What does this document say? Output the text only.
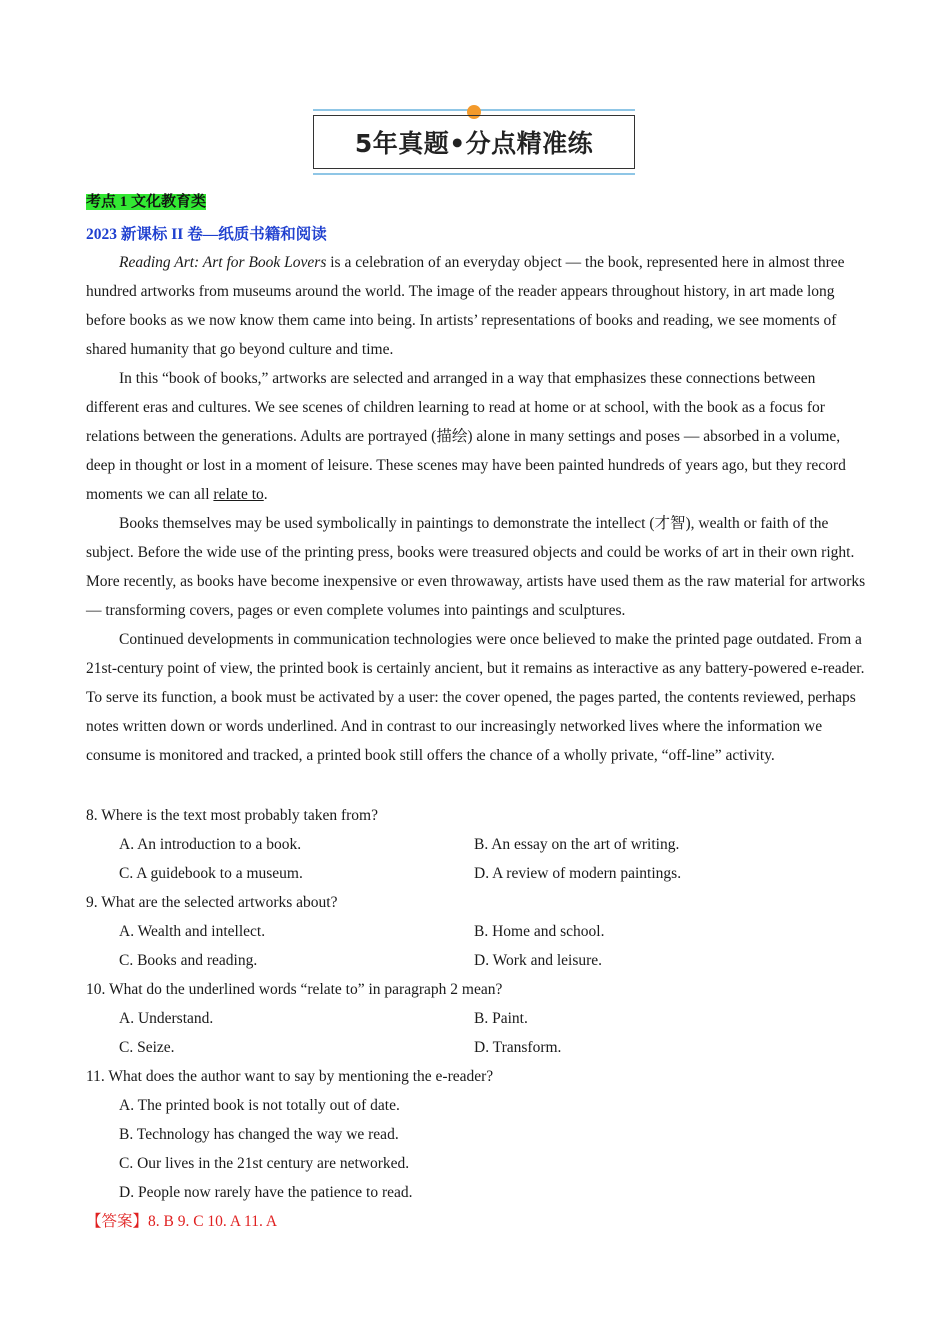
5年真题•分点精准练
考点 1 文化教育类
2023 新课标 II 卷—纸质书籍和阅读

Reading Art: Art for Book Lovers is a celebration of an everyday object — the book, represented here in almost three hundred artworks from museums around the world. The image of the reader appears throughout history, in art made long before books as we now know them came into being. In artists’ representations of books and reading, we see moments of shared humanity that go beyond culture and time.

In this “book of books,” artworks are selected and arranged in a way that emphasizes these connections between different eras and cultures. We see scenes of children learning to read at home or at school, with the book as a focus for relations between the generations. Adults are portrayed (描绘) alone in many settings and poses — absorbed in a volume, deep in thought or lost in a moment of leisure. These scenes may have been painted hundreds of years ago, but they record moments we can all relate to.

Books themselves may be used symbolically in paintings to demonstrate the intellect (才智), wealth or faith of the subject. Before the wide use of the printing press, books were treasured objects and could be works of art in their own right. More recently, as books have become inexpensive or even throwaway, artists have used them as the raw material for artworks — transforming covers, pages or even complete volumes into paintings and sculptures.

Continued developments in communication technologies were once believed to make the printed page outdated. From a 21st-century point of view, the printed book is certainly ancient, but it remains as interactive as any battery-powered e-reader. To serve its function, a book must be activated by a user: the cover opened, the pages parted, the contents reviewed, perhaps notes written down or words underlined. And in contrast to our increasingly networked lives where the information we consume is monitored and tracked, a printed book still offers the chance of a wholly private, “off-line” activity.

8. Where is the text most probably taken from?

A. An introduction to a book.	B. An essay on the art of writing.

C. A guidebook to a museum.	D. A review of modern paintings.

9. What are the selected artworks about?

A. Wealth and intellect.	B. Home and school.

C. Books and reading.	D. Work and leisure.

10. What do the underlined words “relate to” in paragraph 2 mean?

A. Understand.	B. Paint.

C. Seize.	D. Transform.

11. What does the author want to say by mentioning the e-reader?

A. The printed book is not totally out of date.

B. Technology has changed the way we read.

C. Our lives in the 21st century are networked.

D. People now rarely have the patience to read.

【答案】8. B 9. C 10. A 11. A
